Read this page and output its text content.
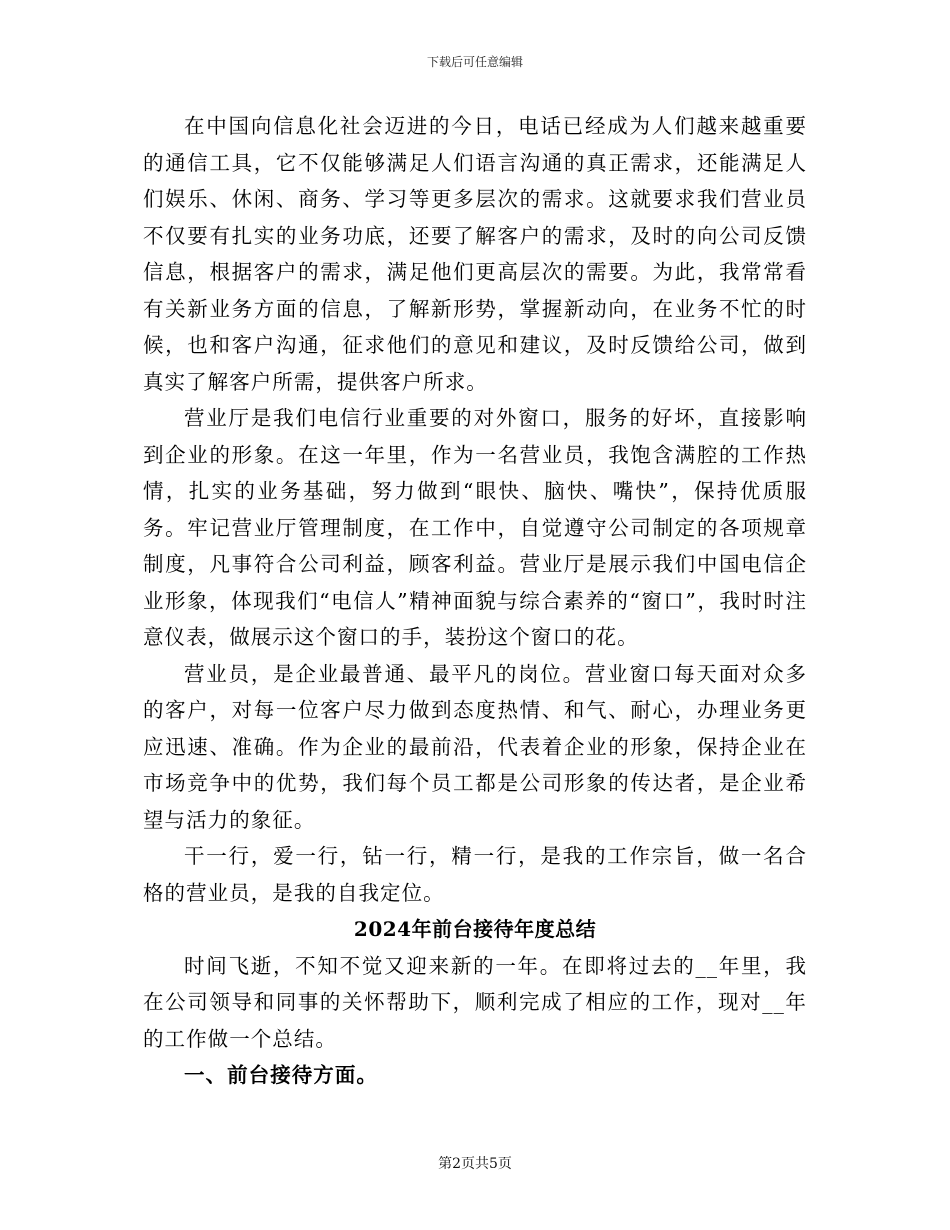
下载后可任意编辑

在中国向信息化社会迈进的今日，电话已经成为人们越来越重要的通信工具，它不仅能够满足人们语言沟通的真正需求，还能满足人们娱乐、休闲、商务、学习等更多层次的需求。这就要求我们营业员不仅要有扎实的业务功底，还要了解客户的需求，及时的向公司反馈信息，根据客户的需求，满足他们更高层次的需要。为此，我常常看有关新业务方面的信息，了解新形势，掌握新动向，在业务不忙的时候，也和客户沟通，征求他们的意见和建议，及时反馈给公司，做到真实了解客户所需，提供客户所求。

营业厅是我们电信行业重要的对外窗口，服务的好坏，直接影响到企业的形象。在这一年里，作为一名营业员，我饱含满腔的工作热情，扎实的业务基础，努力做到“眼快、脑快、嘴快”，保持优质服务。牢记营业厅管理制度，在工作中，自觉遵守公司制定的各项规章制度，凡事符合公司利益，顾客利益。营业厅是展示我们中国电信企业形象，体现我们“电信人”精神面貌与综合素养的“窗口”，我时时注意仪表，做展示这个窗口的手，装扮这个窗口的花。

营业员，是企业最普通、最平凡的岗位。营业窗口每天面对众多的客户，对每一位客户尽力做到态度热情、和气、耐心，办理业务更应迅速、准确。作为企业的最前沿，代表着企业的形象，保持企业在市场竞争中的优势，我们每个员工都是公司形象的传达者，是企业希望与活力的象征。

干一行，爱一行，钻一行，精一行，是我的工作宗旨，做一名合格的营业员，是我的自我定位。

2024年前台接待年度总结

时间飞逝，不知不觉又迎来新的一年。在即将过去的__年里，我在公司领导和同事的关怀帮助下，顺利完成了相应的工作，现对__年的工作做一个总结。

一、前台接待方面。

第2页共5页
